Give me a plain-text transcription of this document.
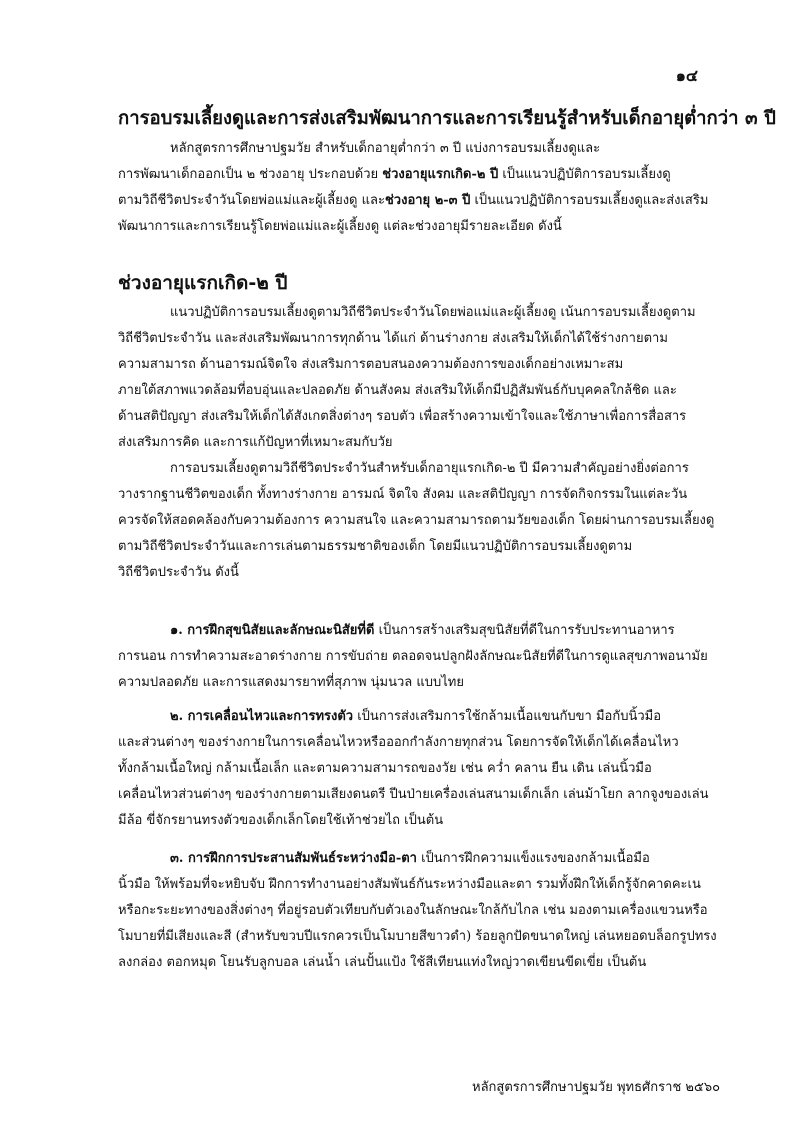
๑๔
การอบรมเลี้ยงดูและการส่งเสริมพัฒนาการและการเรียนรู้สำหรับเด็กอายุต่ำกว่า ๓ ปี
หลักสูตรการศึกษาปฐมวัย สำหรับเด็กอายุต่ำกว่า ๓ ปี แบ่งการอบรมเลี้ยงดูและ
การพัฒนาเด็กออกเป็น ๒ ช่วงอายุ ประกอบด้วย ช่วงอายุแรกเกิด-๒ ปี เป็นแนวปฏิบัติการอบรมเลี้ยงดู
ตามวิถีชีวิตประจำวันโดยพ่อแม่และผู้เลี้ยงดู และช่วงอายุ ๒-๓ ปี เป็นแนวปฏิบัติการอบรมเลี้ยงดูและส่งเสริม
พัฒนาการและการเรียนรู้โดยพ่อแม่และผู้เลี้ยงดู แต่ละช่วงอายุมีรายละเอียด ดังนี้
ช่วงอายุแรกเกิด-๒ ปี
แนวปฏิบัติการอบรมเลี้ยงดูตามวิถีชีวิตประจำวันโดยพ่อแม่และผู้เลี้ยงดู เน้นการอบรมเลี้ยงดูตาม
วิถีชีวิตประจำวัน และส่งเสริมพัฒนาการทุกด้าน ได้แก่ ด้านร่างกาย ส่งเสริมให้เด็กได้ใช้ร่างกายตาม
ความสามารถ ด้านอารมณ์จิตใจ ส่งเสริมการตอบสนองความต้องการของเด็กอย่างเหมาะสม
ภายใต้สภาพแวดล้อมที่อบอุ่นและปลอดภัย ด้านสังคม ส่งเสริมให้เด็กมีปฏิสัมพันธ์กับบุคคลใกล้ชิด และ
ด้านสติปัญญา ส่งเสริมให้เด็กได้สังเกตสิ่งต่างๆ รอบตัว เพื่อสร้างความเข้าใจและใช้ภาษาเพื่อการสื่อสาร
ส่งเสริมการคิด และการแก้ปัญหาที่เหมาะสมกับวัย
การอบรมเลี้ยงดูตามวิถีชีวิตประจำวันสำหรับเด็กอายุแรกเกิด-๒ ปี มีความสำคัญอย่างยิ่งต่อการ
วางรากฐานชีวิตของเด็ก ทั้งทางร่างกาย อารมณ์ จิตใจ สังคม และสติปัญญา การจัดกิจกรรมในแต่ละวัน
ควรจัดให้สอดคล้องกับความต้องการ ความสนใจ และความสามารถตามวัยของเด็ก โดยผ่านการอบรมเลี้ยงดู
ตามวิถีชีวิตประจำวันและการเล่นตามธรรมชาติของเด็ก โดยมีแนวปฏิบัติการอบรมเลี้ยงดูตาม
วิถีชีวิตประจำวัน ดังนี้
๑. การฝึกสุขนิสัยและลักษณะนิสัยที่ดี เป็นการสร้างเสริมสุขนิสัยที่ดีในการรับประทานอาหาร
การนอน การทำความสะอาดร่างกาย การขับถ่าย ตลอดจนปลูกฝังลักษณะนิสัยที่ดีในการดูแลสุขภาพอนามัย
ความปลอดภัย และการแสดงมารยาทที่สุภาพ นุ่มนวล แบบไทย
๒. การเคลื่อนไหวและการทรงตัว เป็นการส่งเสริมการใช้กล้ามเนื้อแขนกับขา มือกับนิ้วมือ
และส่วนต่างๆ ของร่างกายในการเคลื่อนไหวหรือออกกำลังกายทุกส่วน โดยการจัดให้เด็กได้เคลื่อนไหว
ทั้งกล้ามเนื้อใหญ่ กล้ามเนื้อเล็ก และตามความสามารถของวัย เช่น คว่ำ คลาน ยืน เดิน เล่นนิ้วมือ
เคลื่อนไหวส่วนต่างๆ ของร่างกายตามเสียงดนตรี ปีนป่ายเครื่องเล่นสนามเด็กเล็ก เล่นม้าโยก ลากจูงของเล่น
มีล้อ ขี่จักรยานทรงตัวของเด็กเล็กโดยใช้เท้าช่วยไถ เป็นต้น
๓. การฝึกการประสานสัมพันธ์ระหว่างมือ-ตา เป็นการฝึกความแข็งแรงของกล้ามเนื้อมือ
นิ้วมือ ให้พร้อมที่จะหยิบจับ ฝึกการทำงานอย่างสัมพันธ์กันระหว่างมือและตา รวมทั้งฝึกให้เด็กรู้จักคาดคะเน
หรือกะระยะทางของสิ่งต่างๆ ที่อยู่รอบตัวเทียบกับตัวเองในลักษณะใกล้กับไกล เช่น มองตามเครื่องแขวนหรือ
โมบายที่มีเสียงและสี (สำหรับขวบปีแรกควรเป็นโมบายสีขาวดำ) ร้อยลูกปัดขนาดใหญ่ เล่นหยอดบล็อกรูปทรง
ลงกล่อง ตอกหมุด โยนรับลูกบอล เล่นน้ำ เล่นปั้นแป้ง ใช้สีเทียนแท่งใหญ่วาดเขียนขีดเขี่ย เป็นต้น
หลักสูตรการศึกษาปฐมวัย พุทธศักราช ๒๕๖๐
